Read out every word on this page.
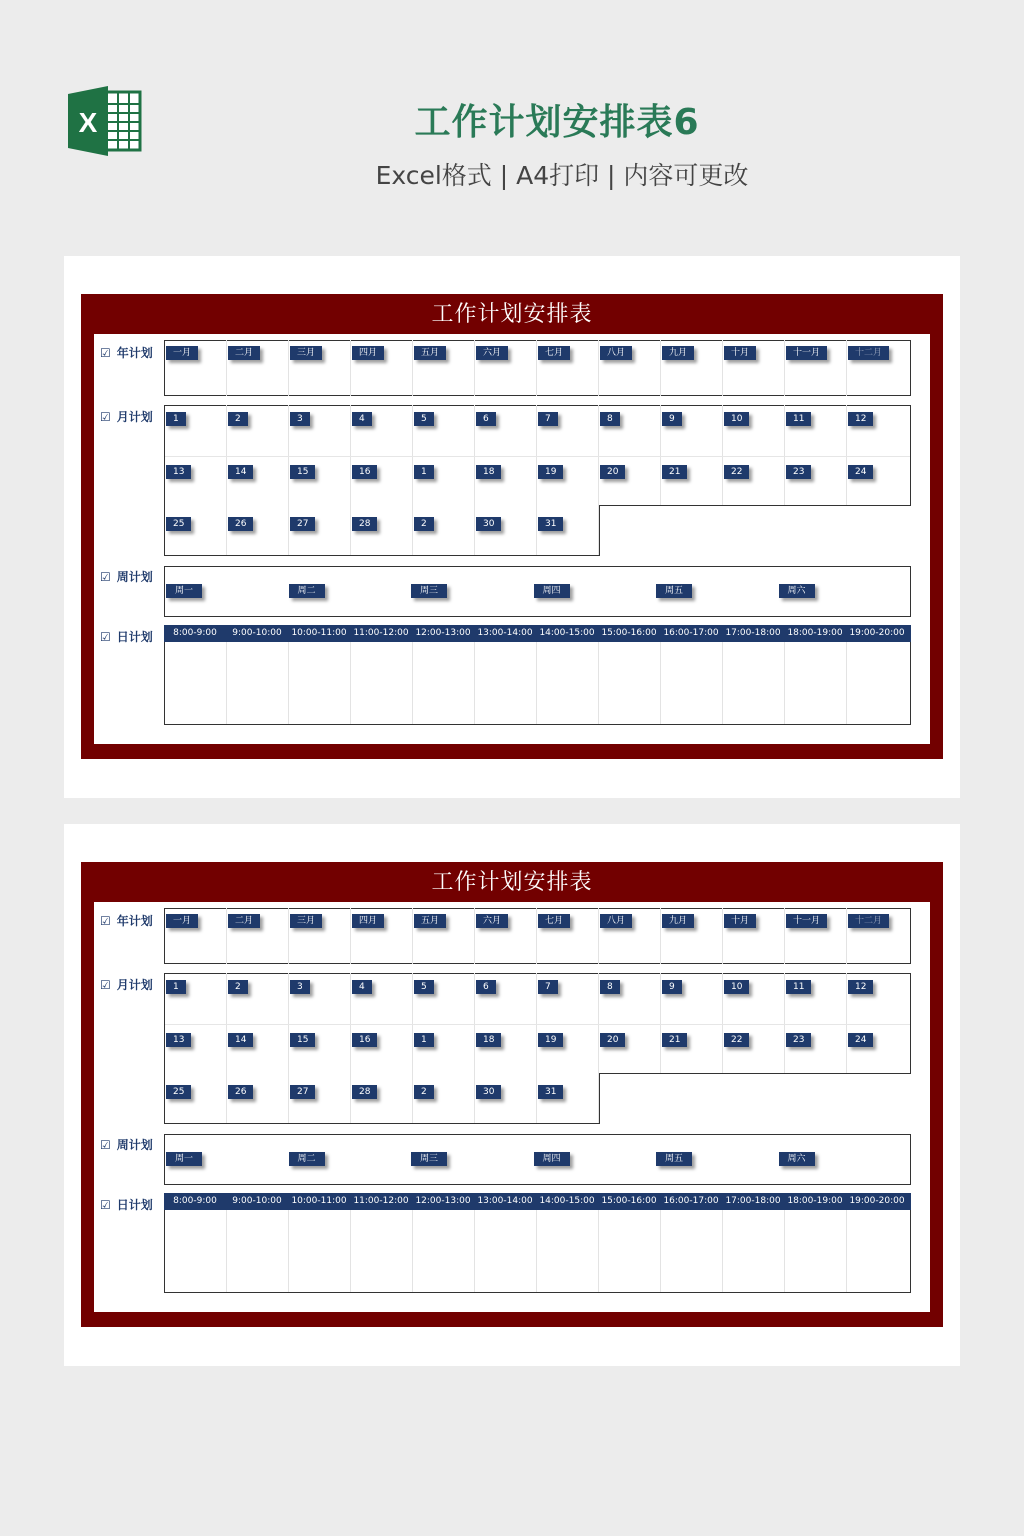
X	工作计划安排表6
Excel格式 | A4打印 | 内容可更改
工作计划安排表
☑ 年计划	一月	二月	三月	四月	五月	六月	七月	八月	九月	十月	十一月	十二月
☑ 月计划	1	2	3	4	5	6	7	8	9	10	11	12
13	14	15	16	1	18	19	20	21	22	23	24
25	26	27	28	2	30	31
☑ 周计划
周一	周二	周三	周四	周五	周六
☑ 日计划	8:00-9:00	9:00-10:00	10:00-11:00 11:00-12:00 12:00-13:00 13:00-14:00 14:00-15:00 15:00-16:00 16:00-17:00 17:00-18:00 18:00-19:00 19:00-20:00
工作计划安排表
☑ 年计划	一月	二月	三月	四月	五月	六月	七月	八月	九月	十月	十一月	十二月
☑ 月计划	1	2	3	4	5	6	7	8	9	10	11	12
13	14	15	16	1	18	19	20	21	22	23	24
25	26	27	28	2	30	31
☑ 周计划
周一	周二	周三	周四	周五	周六
☑ 日计划	8:00-9:00	9:00-10:00	10:00-11:00 11:00-12:00 12:00-13:00 13:00-14:00 14:00-15:00 15:00-16:00 16:00-17:00 17:00-18:00 18:00-19:00 19:00-20:00
